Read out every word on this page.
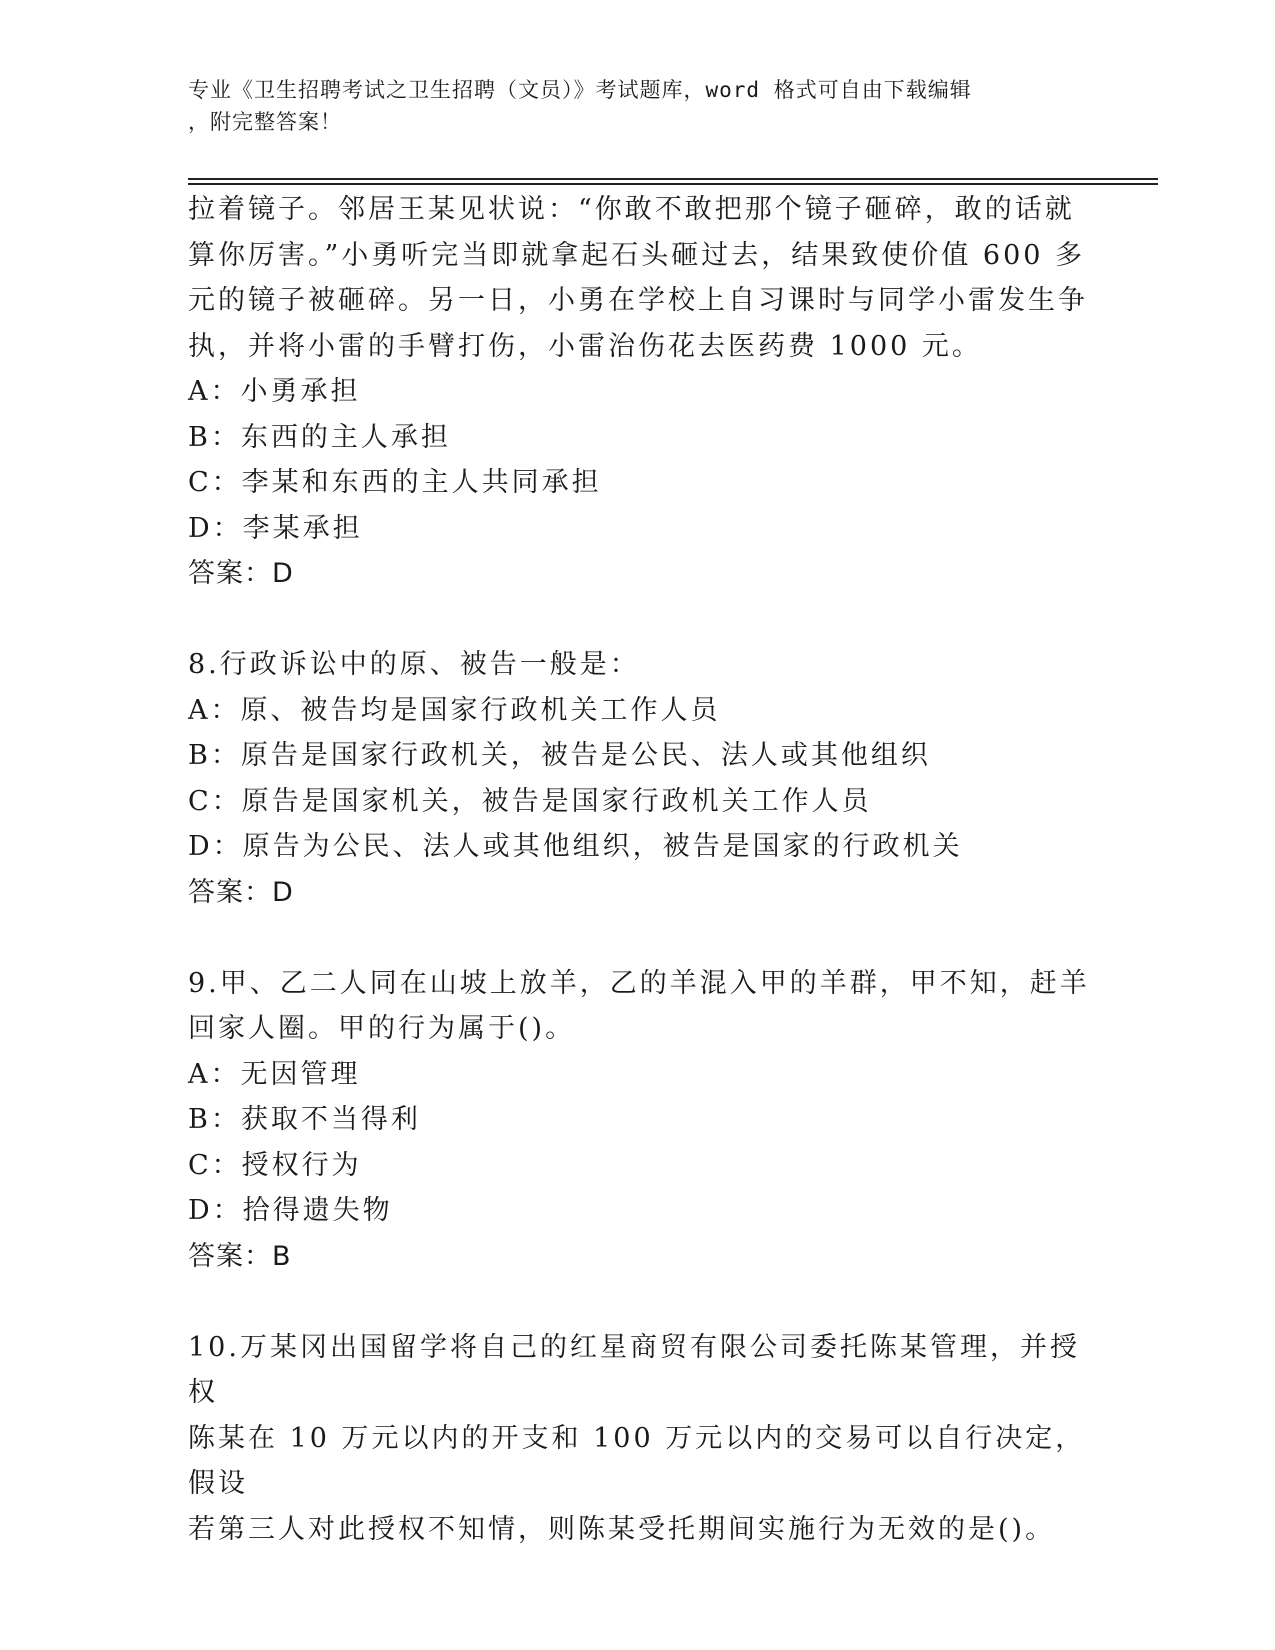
专业《卫生招聘考试之卫生招聘（文员）》考试题库，word 格式可自由下载编辑
，附完整答案！

拉着镜子。邻居王某见状说：“你敢不敢把那个镜子砸碎，敢的话就

算你厉害。”小勇听完当即就拿起石头砸过去，结果致使价值 600 多

元的镜子被砸碎。另一日，小勇在学校上自习课时与同学小雷发生争

执，并将小雷的手臂打伤，小雷治伤花去医药费 1000 元。

A：小勇承担

B：东西的主人承担

C：李某和东西的主人共同承担

D：李某承担

答案：D

8.行政诉讼中的原、被告一般是：

A：原、被告均是国家行政机关工作人员

B：原告是国家行政机关，被告是公民、法人或其他组织

C：原告是国家机关，被告是国家行政机关工作人员

D：原告为公民、法人或其他组织，被告是国家的行政机关

答案：D

9.甲、乙二人同在山坡上放羊，乙的羊混入甲的羊群，甲不知，赶羊

回家人圈。甲的行为属于()。

A：无因管理

B：获取不当得利

C：授权行为

D：拾得遗失物

答案：B

10.万某冈出国留学将自己的红星商贸有限公司委托陈某管理，并授权

陈某在 10 万元以内的开支和 100 万元以内的交易可以自行决定，假设

若第三人对此授权不知情，则陈某受托期间实施行为无效的是()。
